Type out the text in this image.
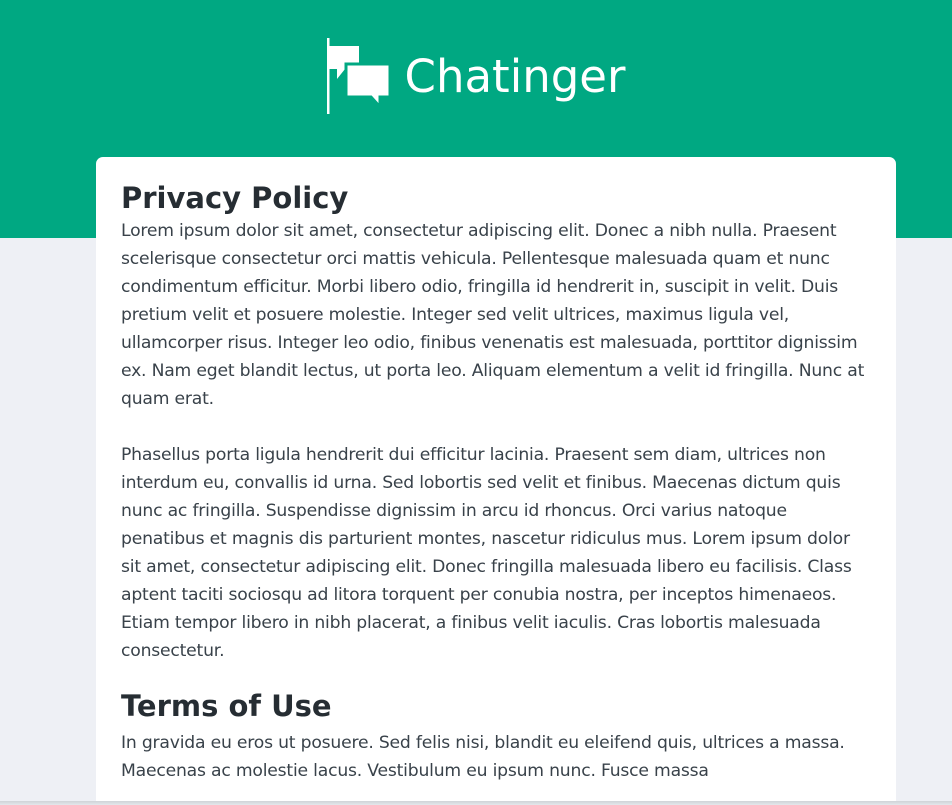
Chatinger
Privacy Policy

Lorem ipsum dolor sit amet, consectetur adipiscing elit. Donec a nibh nulla. Praesent scelerisque consectetur orci mattis vehicula. Pellentesque malesuada quam et nunc condimentum efficitur. Morbi libero odio, fringilla id hendrerit in, suscipit in velit. Duis pretium velit et posuere molestie. Integer sed velit ultrices, maximus ligula vel, ullamcorper risus. Integer leo odio, finibus venenatis est malesuada, porttitor dignissim ex. Nam eget blandit lectus, ut porta leo. Aliquam elementum a velit id fringilla. Nunc at quam erat.

Phasellus porta ligula hendrerit dui efficitur lacinia. Praesent sem diam, ultrices non interdum eu, convallis id urna. Sed lobortis sed velit et finibus. Maecenas dictum quis nunc ac fringilla. Suspendisse dignissim in arcu id rhoncus. Orci varius natoque penatibus et magnis dis parturient montes, nascetur ridiculus mus. Lorem ipsum dolor sit amet, consectetur adipiscing elit. Donec fringilla malesuada libero eu facilisis. Class aptent taciti sociosqu ad litora torquent per conubia nostra, per inceptos himenaeos. Etiam tempor libero in nibh placerat, a finibus velit iaculis. Cras lobortis malesuada consectetur.

Terms of Use

In gravida eu eros ut posuere. Sed felis nisi, blandit eu eleifend quis, ultrices a massa. Maecenas ac molestie lacus. Vestibulum eu ipsum nunc. Fusce massa
